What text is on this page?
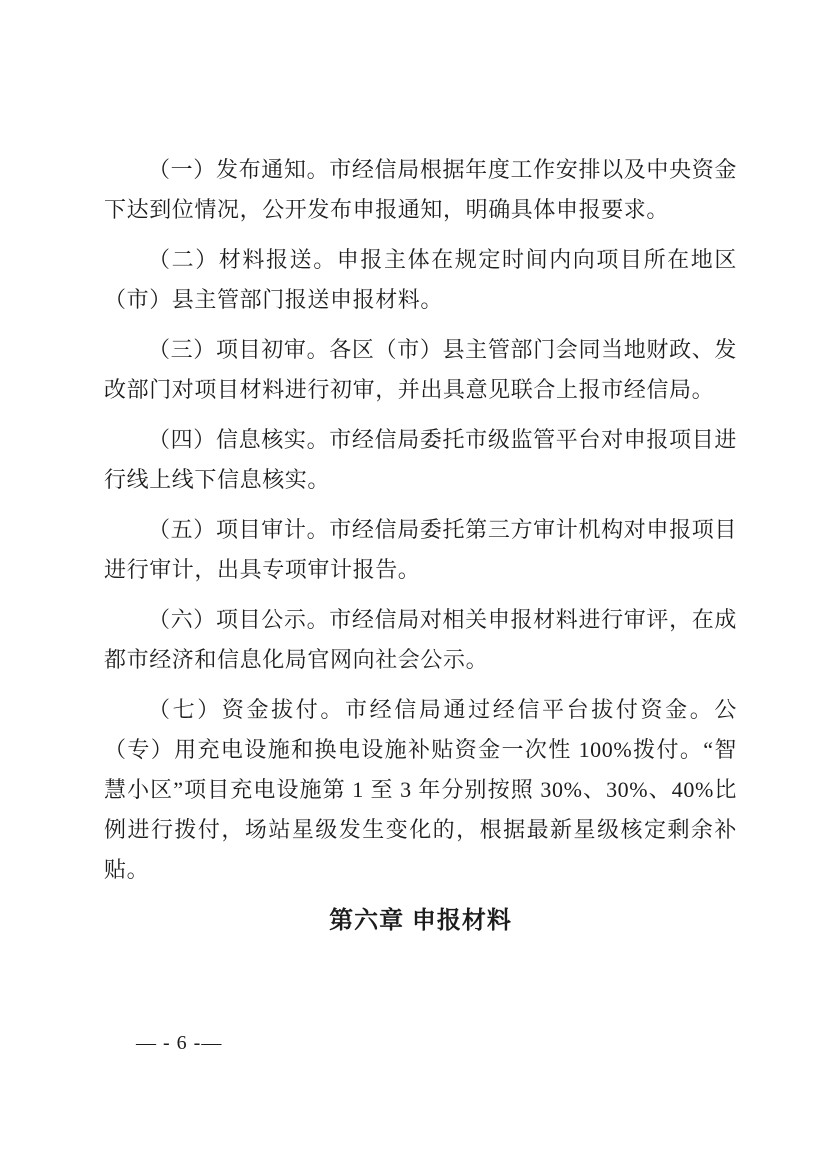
（一）发布通知。市经信局根据年度工作安排以及中央资金下达到位情况，公开发布申报通知，明确具体申报要求。

（二）材料报送。申报主体在规定时间内向项目所在地区（市）县主管部门报送申报材料。

（三）项目初审。各区（市）县主管部门会同当地财政、发改部门对项目材料进行初审，并出具意见联合上报市经信局。

（四）信息核实。市经信局委托市级监管平台对申报项目进行线上线下信息核实。

（五）项目审计。市经信局委托第三方审计机构对申报项目进行审计，出具专项审计报告。

（六）项目公示。市经信局对相关申报材料进行审评，在成都市经济和信息化局官网向社会公示。

（七）资金拔付。市经信局通过经信平台拔付资金。公（专）用充电设施和换电设施补贴资金一次性 100%拨付。“智慧小区”项目充电设施第 1 至 3 年分别按照 30%、30%、40%比例进行拨付，场站星级发生变化的，根据最新星级核定剩余补贴。

第六章 申报材料
— - 6 -—
